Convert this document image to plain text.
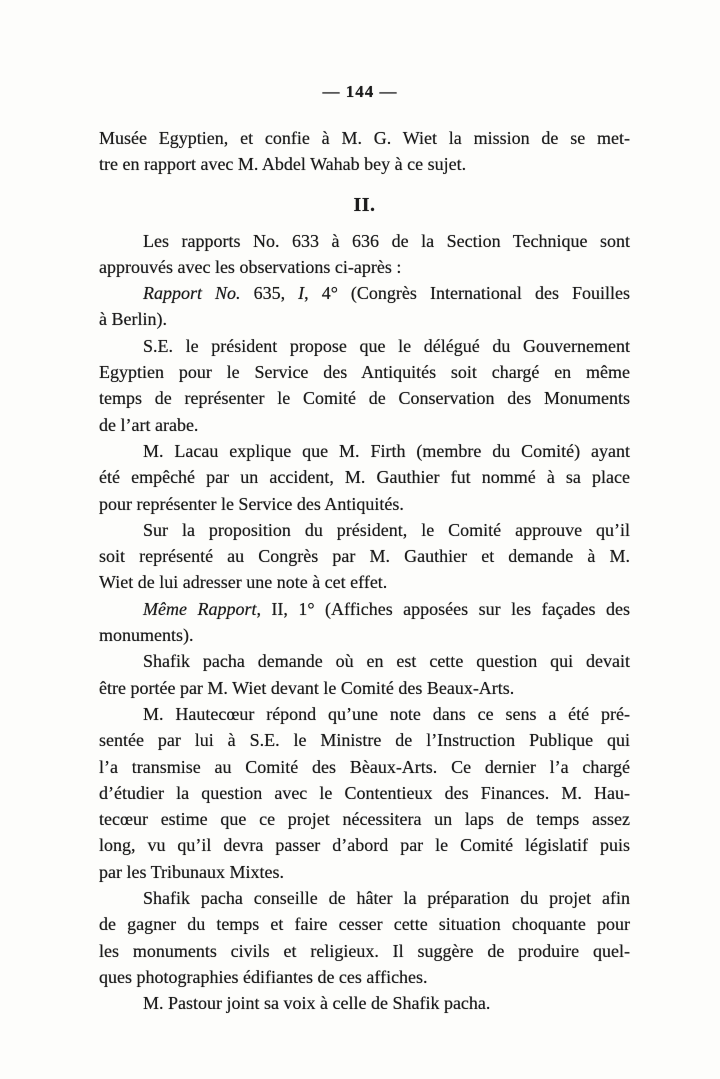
— 144 —
Musée Egyptien, et confie à M. G. Wiet la mission de se met-
tre en rapport avec M. Abdel Wahab bey à ce sujet.
II.
Les rapports No. 633 à 636 de la Section Technique sont
approuvés avec les observations ci-après :
Rapport No. 635, I, 4° (Congrès International des Fouilles
à Berlin).
S.E. le président propose que le délégué du Gouvernement
Egyptien pour le Service des Antiquités soit chargé en même
temps de représenter le Comité de Conservation des Monuments
de l’art arabe.
M. Lacau explique que M. Firth (membre du Comité) ayant
été empêché par un accident, M. Gauthier fut nommé à sa place
pour représenter le Service des Antiquités.
Sur la proposition du président, le Comité approuve qu’il
soit représenté au Congrès par M. Gauthier et demande à M.
Wiet de lui adresser une note à cet effet.
Même Rapport, II, 1° (Affiches apposées sur les façades des
monuments).
Shafik pacha demande où en est cette question qui devait
être portée par M. Wiet devant le Comité des Beaux-Arts.
M. Hautecœur répond qu’une note dans ce sens a été pré-
sentée par lui à S.E. le Ministre de l’Instruction Publique qui
l’a transmise au Comité des Bèaux-Arts. Ce dernier l’a chargé
d’étudier la question avec le Contentieux des Finances. M. Hau-
tecœur estime que ce projet nécessitera un laps de temps assez
long, vu qu’il devra passer d’abord par le Comité législatif puis
par les Tribunaux Mixtes.
Shafik pacha conseille de hâter la préparation du projet afin
de gagner du temps et faire cesser cette situation choquante pour
les monuments civils et religieux. Il suggère de produire quel-
ques photographies édifiantes de ces affiches.
M. Pastour joint sa voix à celle de Shafik pacha.
